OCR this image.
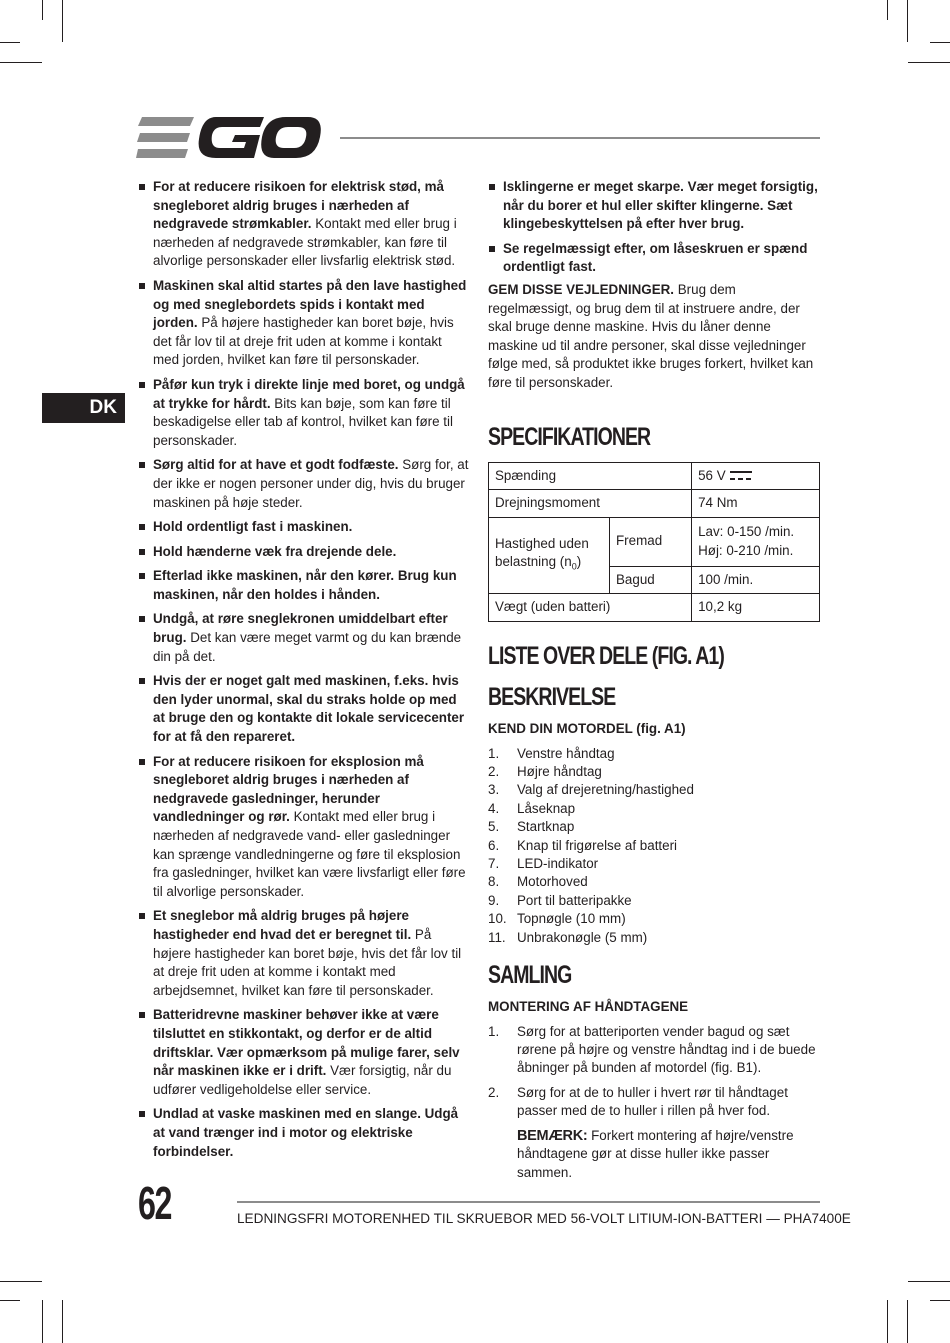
DK
For at reducere risikoen for elektrisk stød, må snegleboret aldrig bruges i nærheden af nedgravede strømkabler. Kontakt med eller brug i nærheden af nedgravede strømkabler, kan føre til alvorlige personskader eller livsfarlig elektrisk stød.
Maskinen skal altid startes på den lave hastighed og med sneglebordets spids i kontakt med jorden. På højere hastigheder kan boret bøje, hvis det får lov til at dreje frit uden at komme i kontakt med jorden, hvilket kan føre til personskader.
Påfør kun tryk i direkte linje med boret, og undgå at trykke for hårdt. Bits kan bøje, som kan føre til beskadigelse eller tab af kontrol, hvilket kan føre til personskader.
Sørg altid for at have et godt fodfæste. Sørg for, at der ikke er nogen personer under dig, hvis du bruger maskinen på høje steder.
Hold ordentligt fast i maskinen.
Hold hænderne væk fra drejende dele.
Efterlad ikke maskinen, når den kører. Brug kun maskinen, når den holdes i hånden.
Undgå, at røre sneglekronen umiddelbart efter brug. Det kan være meget varmt og du kan brænde din på det.
Hvis der er noget galt med maskinen, f.eks. hvis den lyder unormal, skal du straks holde op med at bruge den og kontakte dit lokale servicecenter for at få den repareret.
For at reducere risikoen for eksplosion må snegleboret aldrig bruges i nærheden af nedgravede gasledninger, herunder vandledninger og rør. Kontakt med eller brug i nærheden af nedgravede vand- eller gasledninger kan sprænge vandledningerne og føre til eksplosion fra gasledninger, hvilket kan være livsfarligt eller føre til alvorlige personskader.
Et sneglebor må aldrig bruges på højere hastigheder end hvad det er beregnet til. På højere hastigheder kan boret bøje, hvis det får lov til at dreje frit uden at komme i kontakt med arbejdsemnet, hvilket kan føre til personskader.
Batteridrevne maskiner behøver ikke at være tilsluttet en stikkontakt, og derfor er de altid driftsklar. Vær opmærksom på mulige farer, selv når maskinen ikke er i drift. Vær forsigtig, når du udfører vedligeholdelse eller service.
Undlad at vaske maskinen med en slange. Udgå at vand trænger ind i motor og elektriske forbindelser.
Isklingerne er meget skarpe. Vær meget forsigtig, når du borer et hul eller skifter klingerne. Sæt klingebeskyttelsen på efter hver brug.
Se regelmæssigt efter, om låseskruen er spænd ordentligt fast.

GEM DISSE VEJLEDNINGER. Brug dem regelmæssigt, og brug dem til at instruere andre, der skal bruge denne maskine. Hvis du låner denne maskine ud til andre personer, skal disse vejledninger følge med, så produktet ikke bruges forkert, hvilket kan føre til personskader.

SPECIFIKATIONER
Spænding		56 V

Drejningsmoment		74 Nm
Hastighed uden belastning $(n_0)$	Fremad	Lav: 0-150 /min.
Høj: 0-210 /min.

	Bagud	100 /min.
Vægt (uden batteri)		10,2 kg
LISTE OVER DELE (FIG. A1)
BESKRIVELSE

KEND DIN MOTORDEL (fig. A1)

1.	Venstre håndtag
2.	Højre håndtag
3.	Valg af drejeretning/hastighed
4.	Låseknap
5.	Startknap
6.	Knap til frigørelse af batteri
7.	LED-indikator
8.	Motorhoved
9.	Port til batteripakke
10. Topnøgle (10 mm)
11. Unbrakonøgle (5 mm)
SAMLING

MONTERING AF HÅNDTAGENE

1.	Sørg for at batteriporten vender bagud og sæt rørene på højre og venstre håndtag ind i de buede åbninger på bunden af motordel (fig. B1).
2.	Sørg for at de to huller i hvert rør til håndtaget passer med de to huller i rillen på hver fod.

BEMÆRK: Forkert montering af højre/venstre håndtagene gør at disse huller ikke passer sammen.

62	LEDNINGSFRI MOTORENHED TIL SKRUEBOR MED 56-VOLT LITIUM-ION-BATTERI — PHA7400E
